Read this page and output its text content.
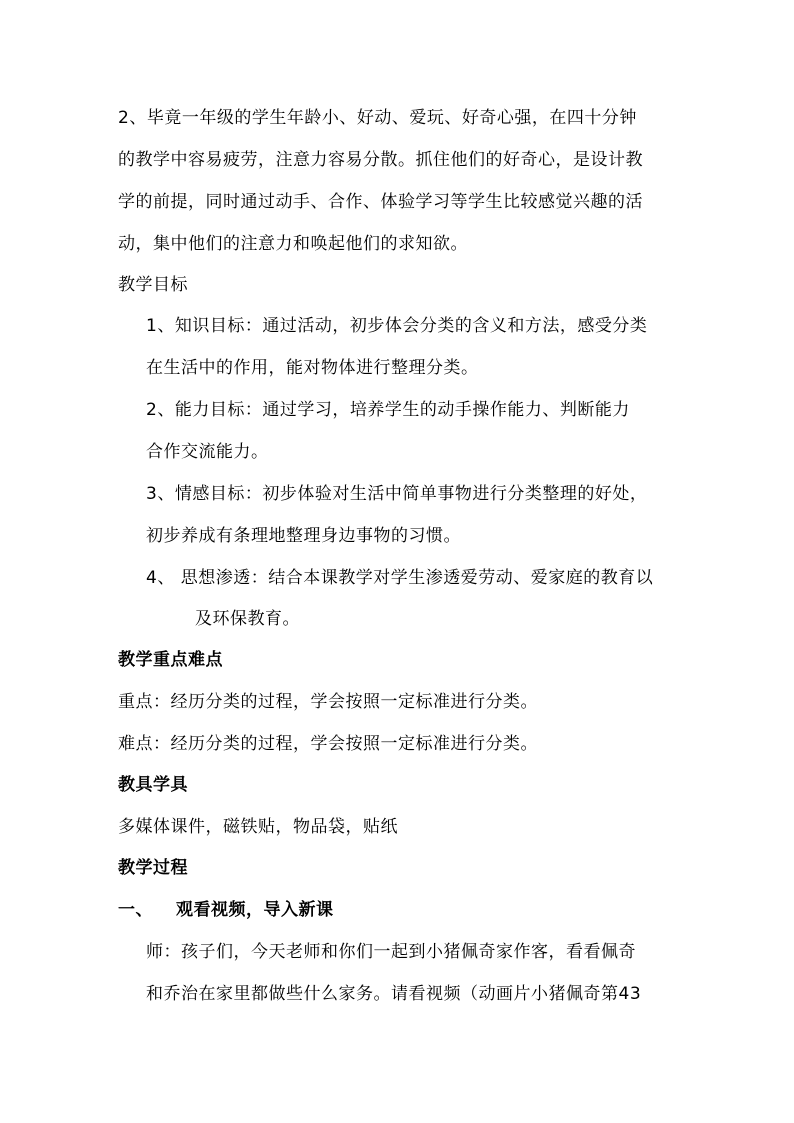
2、毕竟一年级的学生年龄小、好动、爱玩、好奇心强，在四十分钟
的教学中容易疲劳，注意力容易分散。抓住他们的好奇心，是设计教
学的前提，同时通过动手、合作、体验学习等学生比较感觉兴趣的活
动，集中他们的注意力和唤起他们的求知欲。
教学目标
1、知识目标：通过活动，初步体会分类的含义和方法，感受分类
在生活中的作用，能对物体进行整理分类。
2、能力目标：通过学习，培养学生的动手操作能力、判断能力
合作交流能力。
3、情感目标：初步体验对生活中简单事物进行分类整理的好处，
初步养成有条理地整理身边事物的习惯。
4、 思想渗透：结合本课教学对学生渗透爱劳动、爱家庭的教育以
及环保教育。
教学重点难点
重点：经历分类的过程，学会按照一定标准进行分类。
难点：经历分类的过程，学会按照一定标准进行分类。
教具学具
多媒体课件，磁铁贴，物品袋，贴纸
教学过程
一、 观看视频，导入新课
师：孩子们，今天老师和你们一起到小猪佩奇家作客，看看佩奇
和乔治在家里都做些什么家务。请看视频（动画片小猪佩奇第43
